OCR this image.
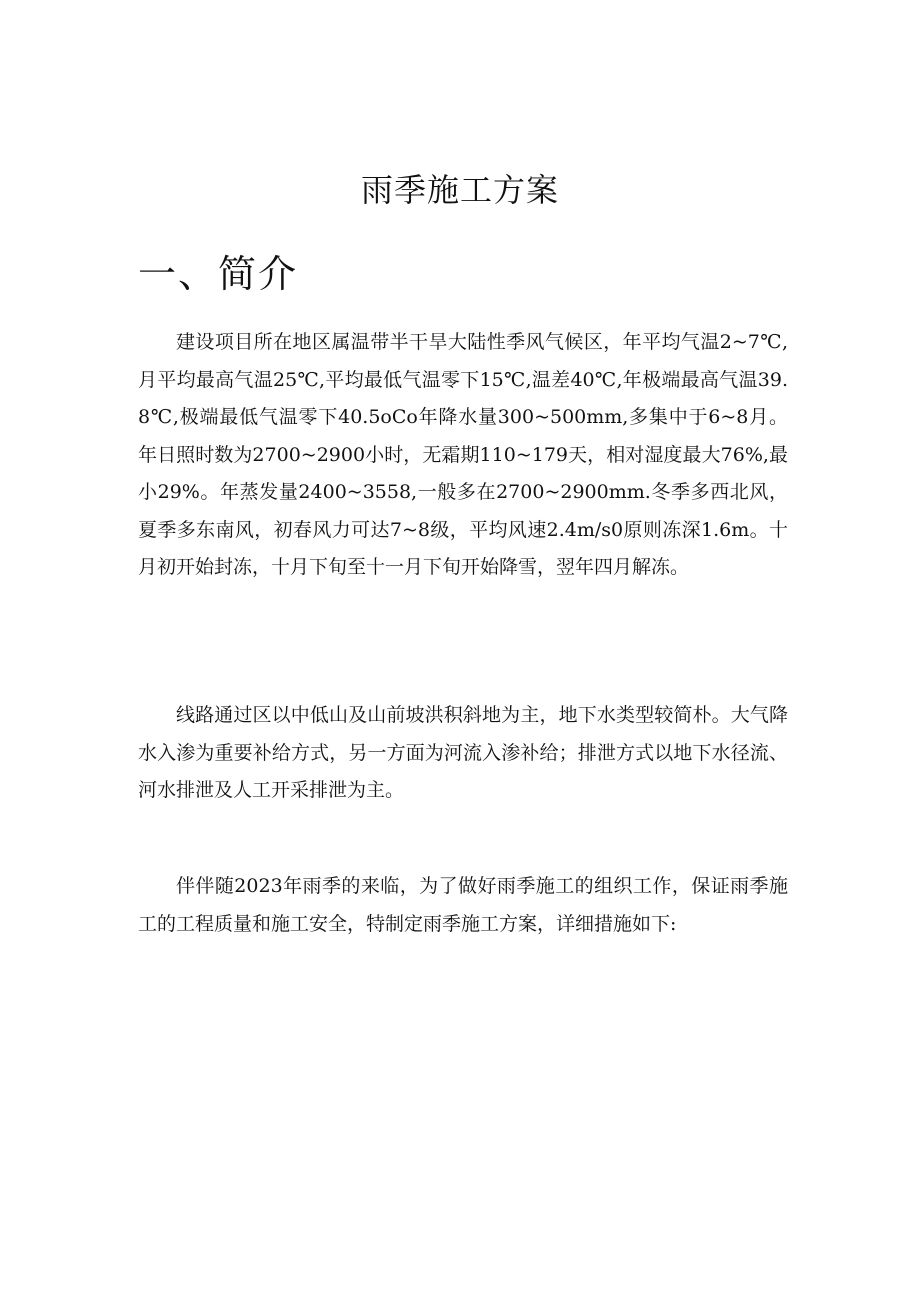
雨季施工方案
一、简介

建设项目所在地区属温带半干旱大陆性季风气候区，年平均气温2~7℃,月平均最高气温25℃,平均最低气温零下15℃,温差40℃,年极端最高气温39.8℃,极端最低气温零下40.5oCo年降水量300~500mm,多集中于6~8月。年日照时数为2700~2900小时，无霜期110~179天，相对湿度最大76%,最小29%。年蒸发量2400~3558,一般多在2700~2900mm.冬季多西北风，夏季多东南风，初春风力可达7~8级，平均风速2.4m∕s0原则冻深1.6m。十月初开始封冻，十月下旬至十一月下旬开始降雪，翌年四月解冻。

线路通过区以中低山及山前坡洪积斜地为主，地下水类型较简朴。大气降水入渗为重要补给方式，另一方面为河流入渗补给；排泄方式以地下水径流、河水排泄及人工开采排泄为主。

伴伴随2023年雨季的来临，为了做好雨季施工的组织工作，保证雨季施工的工程质量和施工安全，特制定雨季施工方案，详细措施如下:
